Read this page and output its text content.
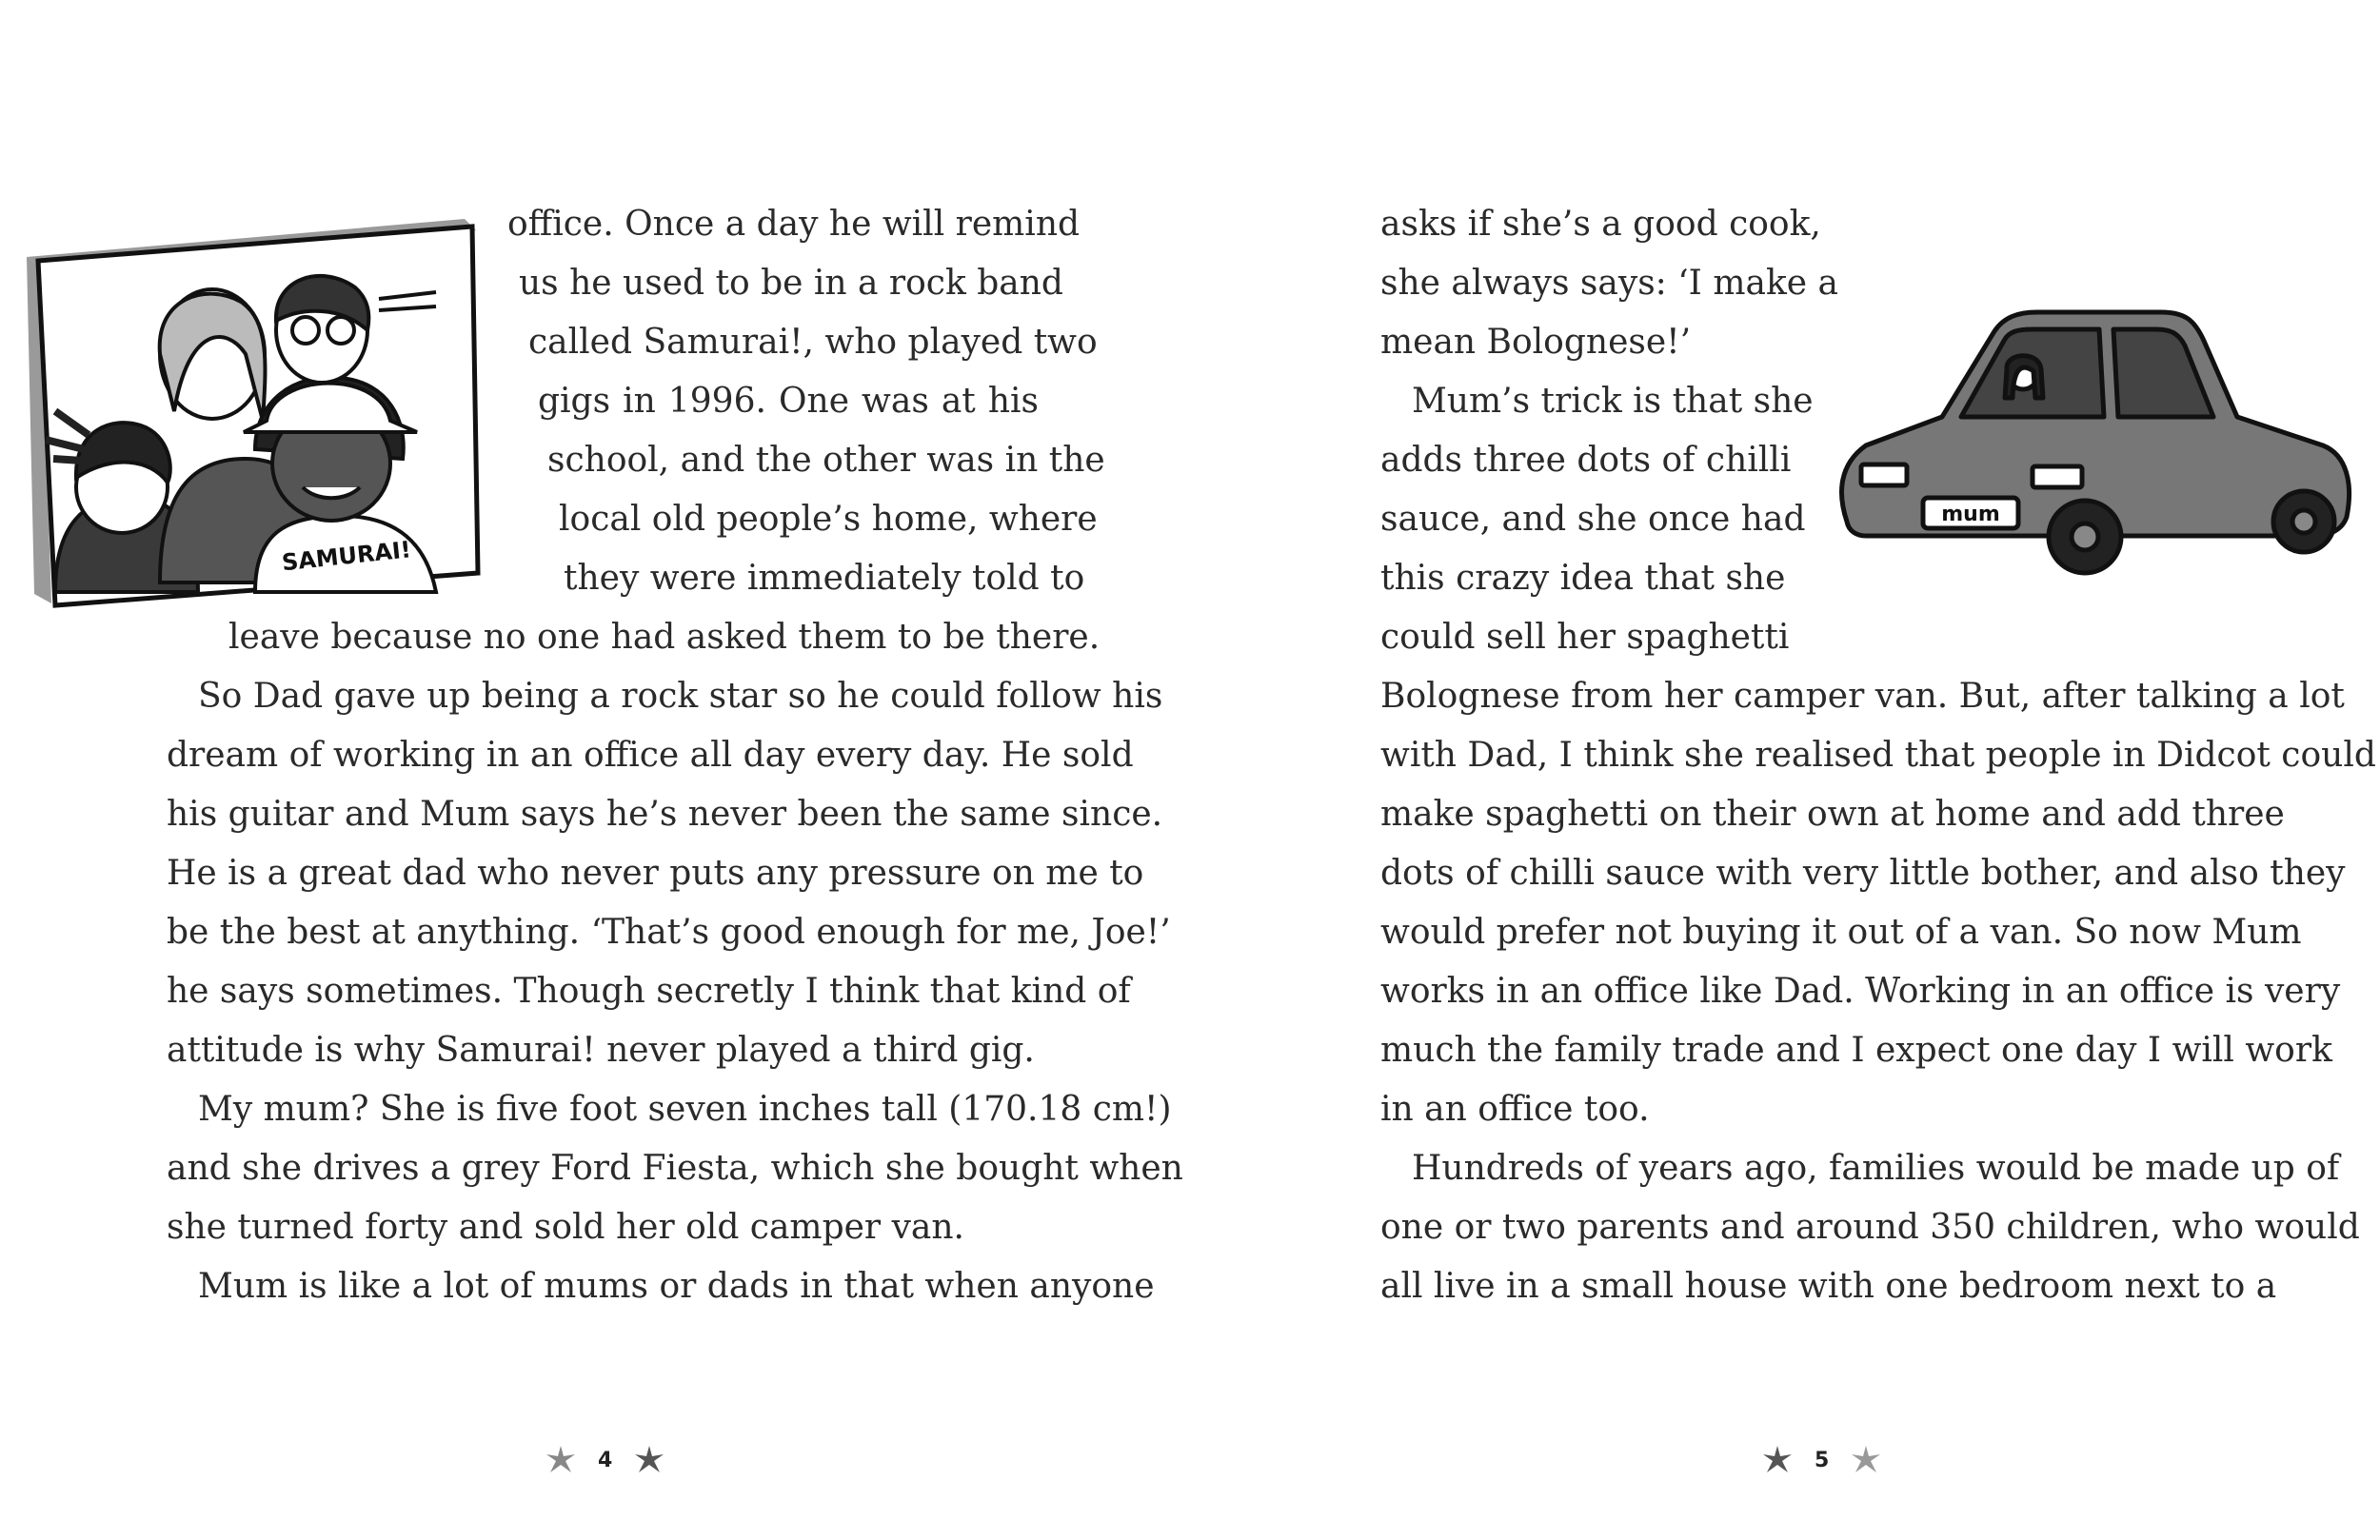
SAMURAI!
office. Once a day he will remind
us he used to be in a rock band
called Samurai!, who played two
gigs in 1996. One was at his
school, and the other was in the
local old people’s home, where
they were immediately told to
leave because no one had asked them to be there.
So Dad gave up being a rock star so he could follow his
dream of working in an office all day every day. He sold
his guitar and Mum says he’s never been the same since.
He is a great dad who never puts any pressure on me to
be the best at anything. ‘That’s good enough for me, Joe!’
he says sometimes. Though secretly I think that kind of
attitude is why Samurai! never played a third gig.
My mum? She is five foot seven inches tall (170.18 cm!)
and she drives a grey Ford Fiesta, which she bought when
she turned forty and sold her old camper van.
Mum is like a lot of mums or dads in that when anyone
4
mum
asks if she’s a good cook,
she always says: ‘I make a
mean Bolognese!’
Mum’s trick is that she
adds three dots of chilli
sauce, and she once had
this crazy idea that she
could sell her spaghetti
Bolognese from her camper van. But, after talking a lot
with Dad, I think she realised that people in Didcot could
make spaghetti on their own at home and add three
dots of chilli sauce with very little bother, and also they
would prefer not buying it out of a van. So now Mum
works in an office like Dad. Working in an office is very
much the family trade and I expect one day I will work
in an office too.
Hundreds of years ago, families would be made up of
one or two parents and around 350 children, who would
all live in a small house with one bedroom next to a
5
